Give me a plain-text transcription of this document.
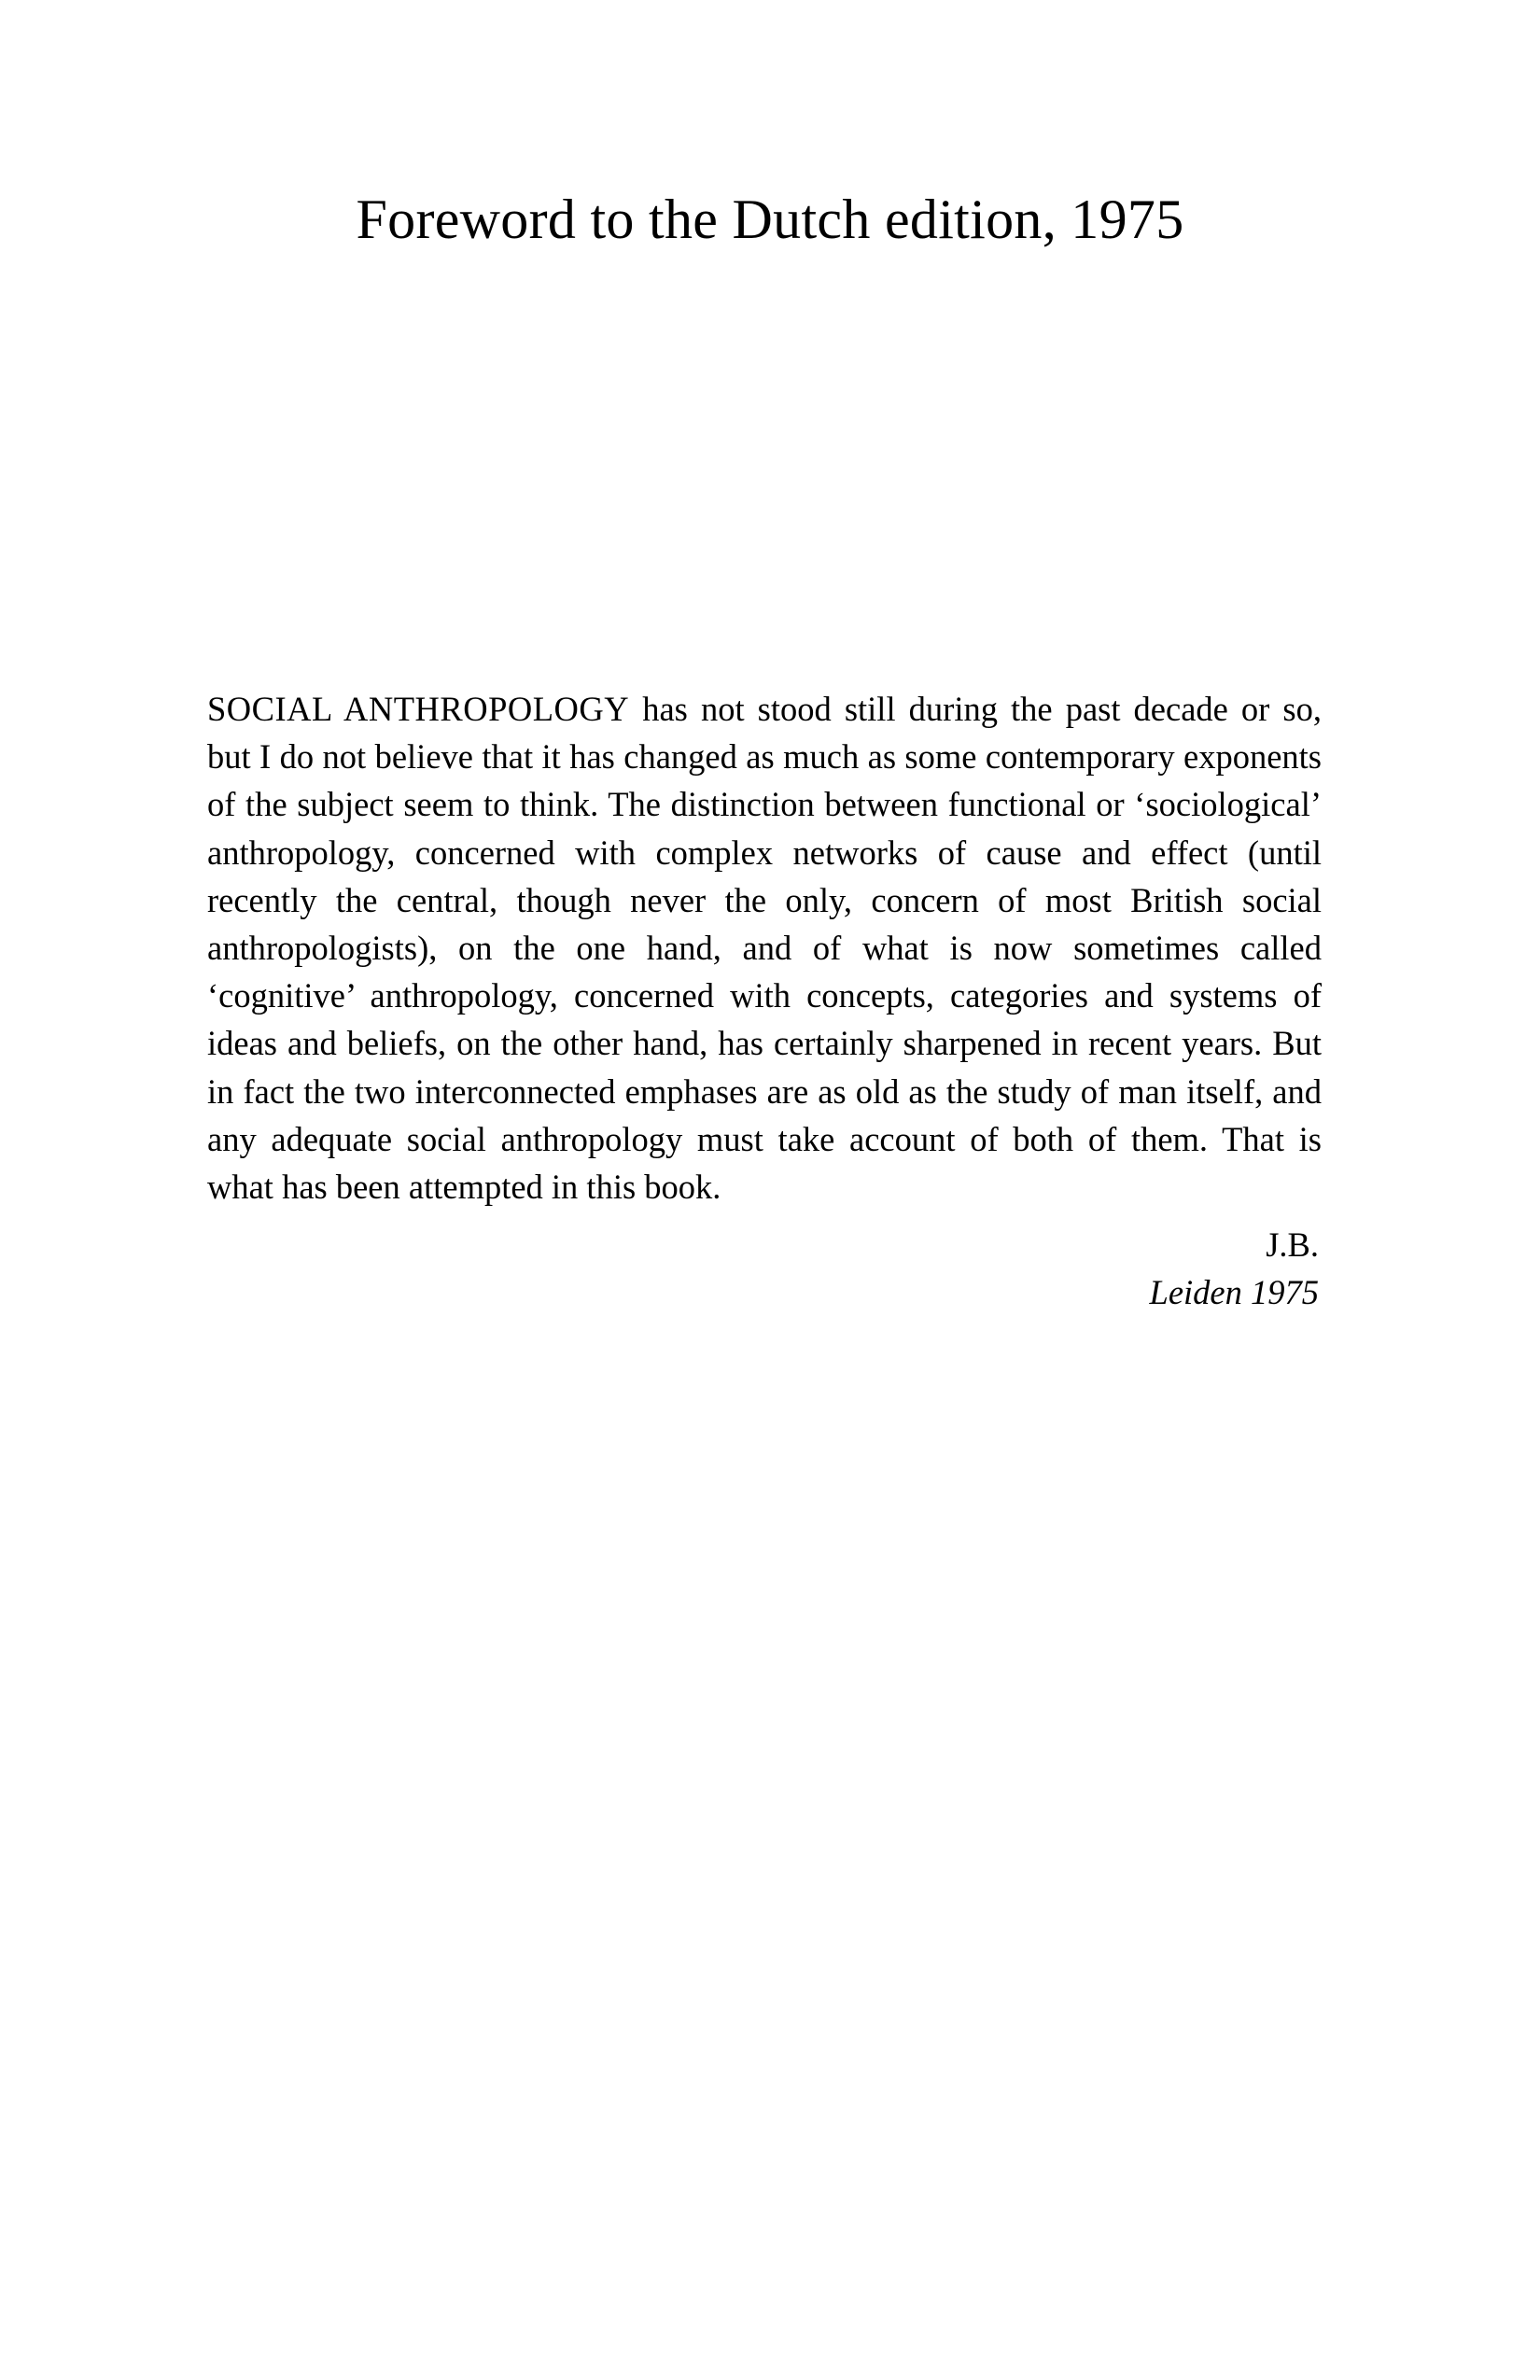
Foreword to the Dutch edition, 1975

SOCIAL ANTHROPOLOGY has not stood still during the past decade or so, but I do not believe that it has changed as much as some contemporary exponents of the subject seem to think. The distinction between functional or ‘sociological’ anthropology, concerned with complex networks of cause and effect (until recently the central, though never the only, concern of most British social anthropologists), on the one hand, and of what is now sometimes called ‘cognitive’ anthropology, concerned with concepts, categories and systems of ideas and beliefs, on the other hand, has certainly sharpened in recent years. But in fact the two interconnected emphases are as old as the study of man itself, and any adequate social anthropology must take account of both of them. That is what has been attempted in this book.

J.B.
Leiden 1975
